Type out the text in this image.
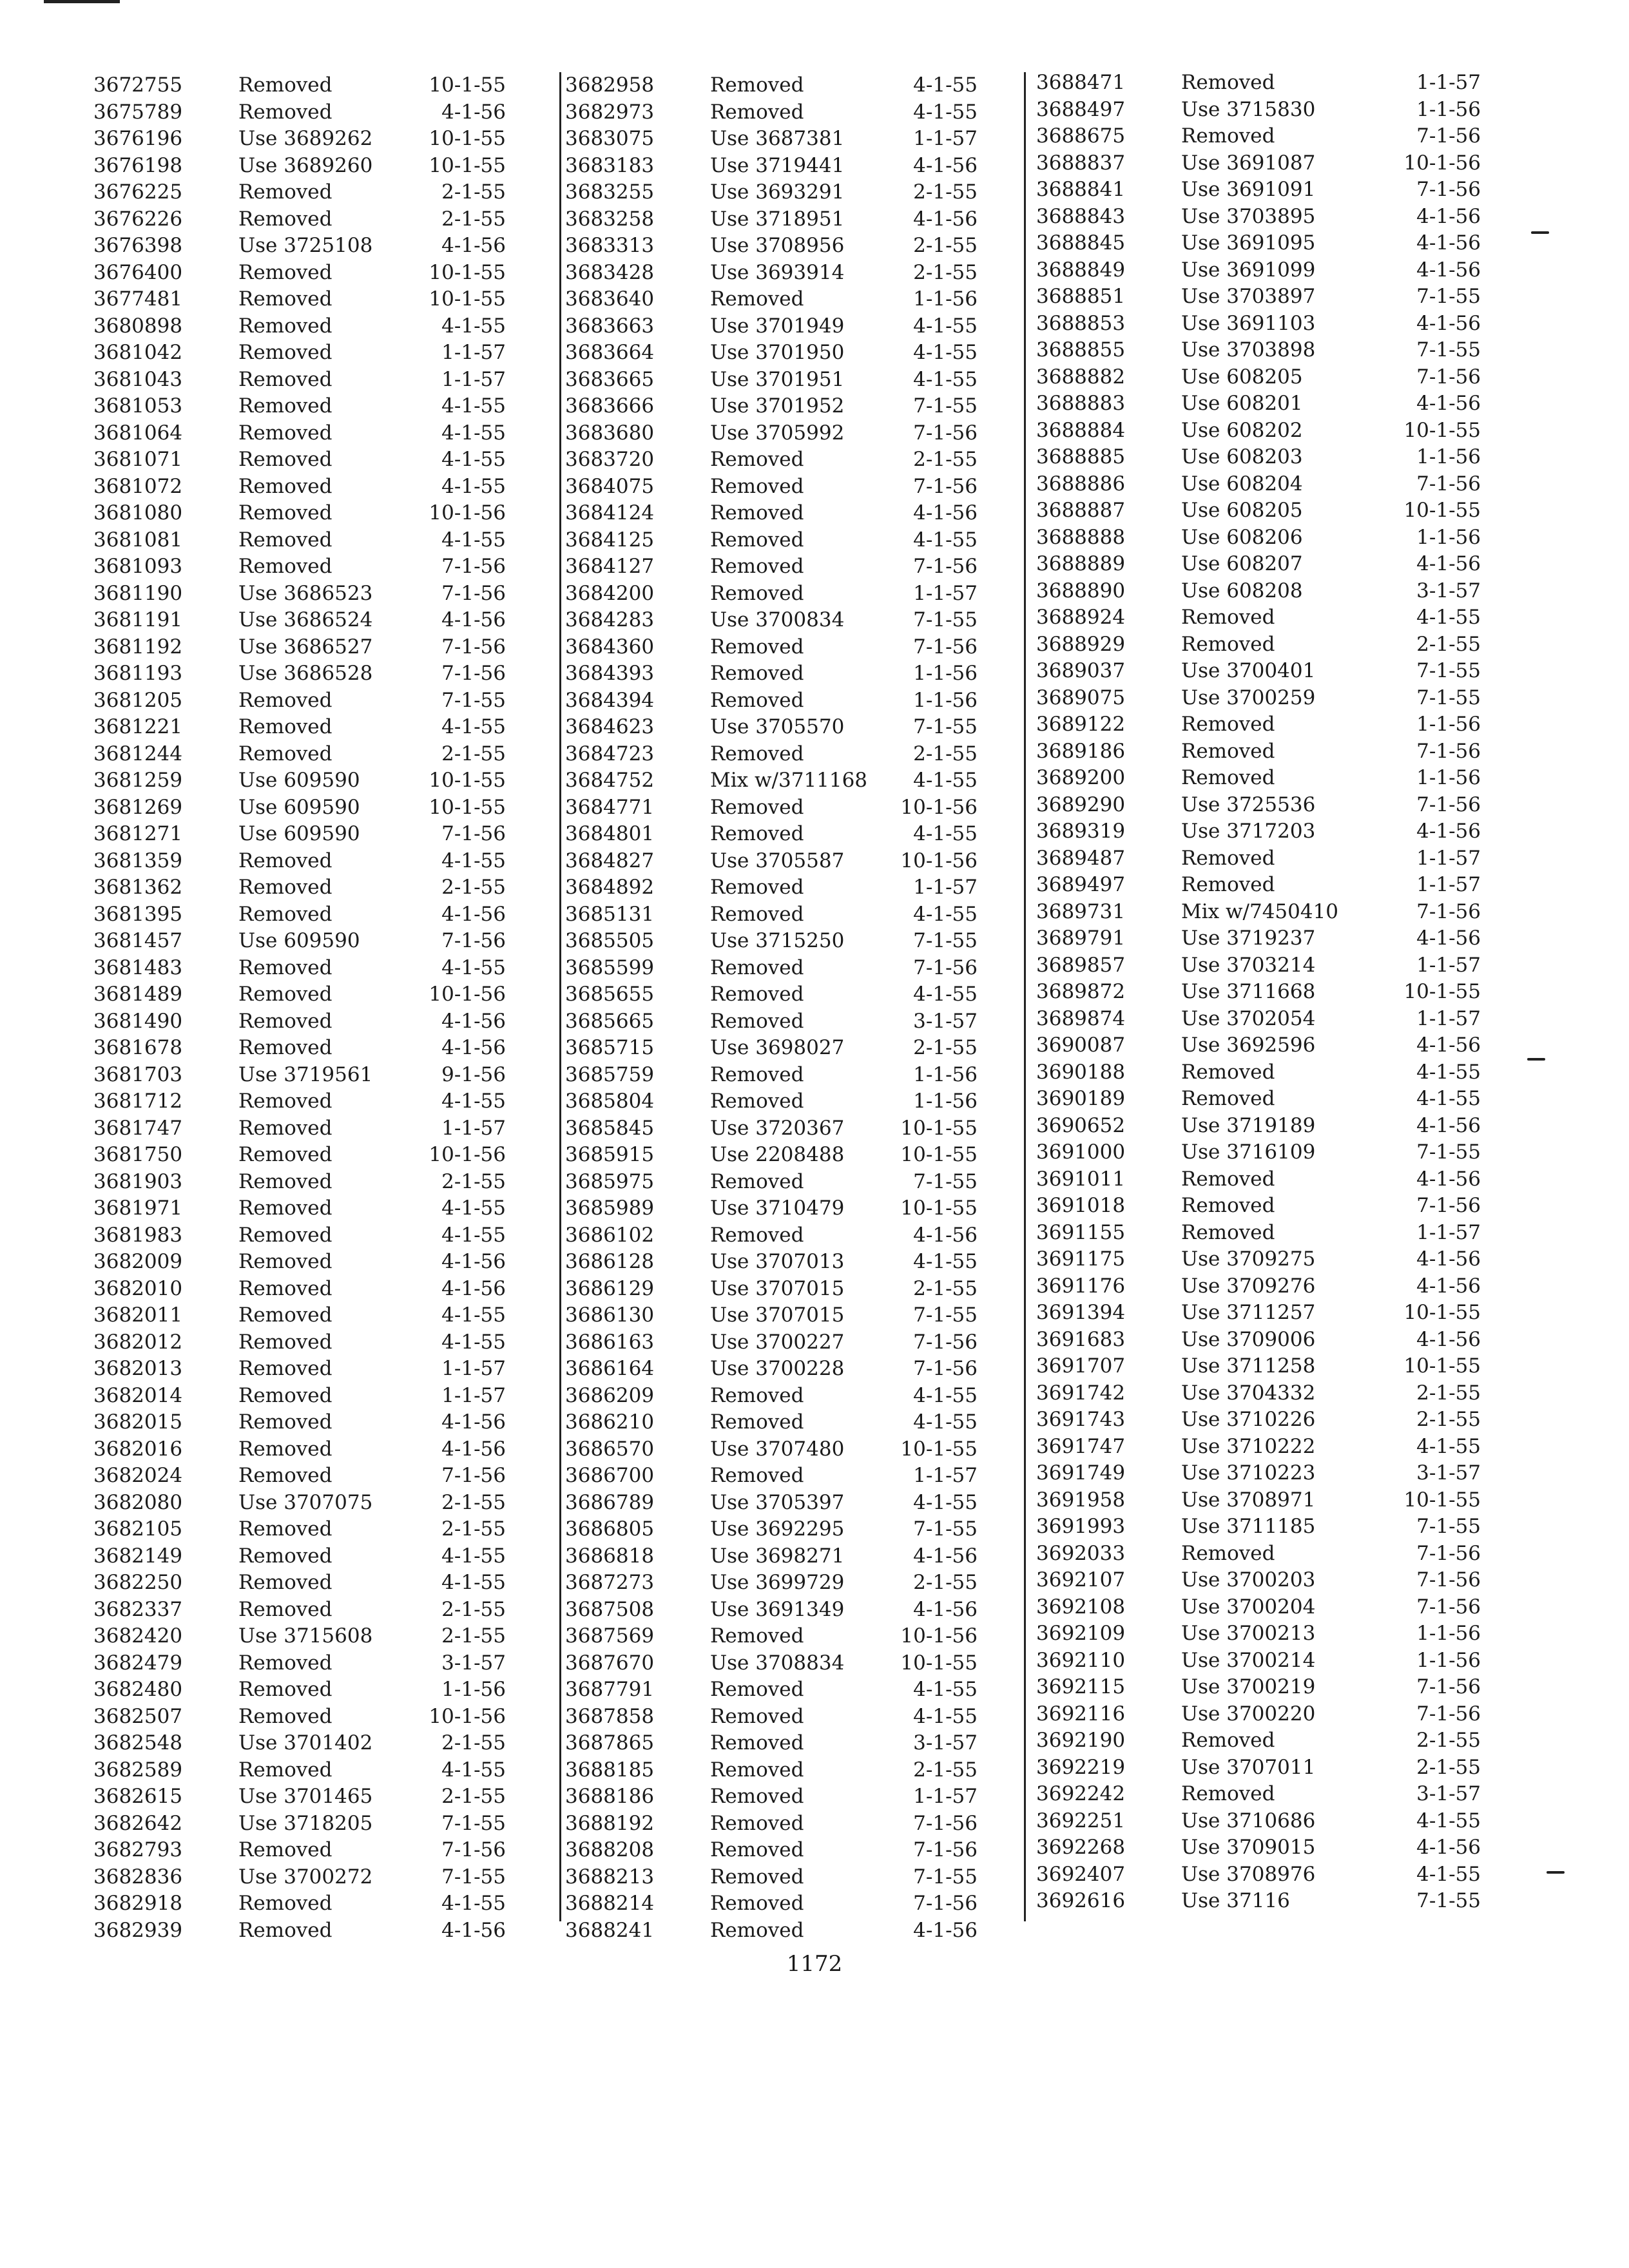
3672755	Removed	10-1-55
3675789	Removed	4-1-56
3676196	Use 3689262	10-1-55
3676198	Use 3689260	10-1-55
3676225	Removed	2-1-55
3676226	Removed	2-1-55
3676398	Use 3725108	4-1-56
3676400	Removed	10-1-55
3677481	Removed	10-1-55
3680898	Removed	4-1-55
3681042	Removed	1-1-57
3681043	Removed	1-1-57
3681053	Removed	4-1-55
3681064	Removed	4-1-55
3681071	Removed	4-1-55
3681072	Removed	4-1-55
3681080	Removed	10-1-56
3681081	Removed	4-1-55
3681093	Removed	7-1-56
3681190	Use 3686523	7-1-56
3681191	Use 3686524	4-1-56
3681192	Use 3686527	7-1-56
3681193	Use 3686528	7-1-56
3681205	Removed	7-1-55
3681221	Removed	4-1-55
3681244	Removed	2-1-55
3681259	Use 609590	10-1-55
3681269	Use 609590	10-1-55
3681271	Use 609590	7-1-56
3681359	Removed	4-1-55
3681362	Removed	2-1-55
3681395	Removed	4-1-56
3681457	Use 609590	7-1-56
3681483	Removed	4-1-55
3681489	Removed	10-1-56
3681490	Removed	4-1-56
3681678	Removed	4-1-56
3681703	Use 3719561	9-1-56
3681712	Removed	4-1-55
3681747	Removed	1-1-57
3681750	Removed	10-1-56
3681903	Removed	2-1-55
3681971	Removed	4-1-55
3681983	Removed	4-1-55
3682009	Removed	4-1-56
3682010	Removed	4-1-56
3682011	Removed	4-1-55
3682012	Removed	4-1-55
3682013	Removed	1-1-57
3682014	Removed	1-1-57
3682015	Removed	4-1-56
3682016	Removed	4-1-56
3682024	Removed	7-1-56
3682080	Use 3707075	2-1-55
3682105	Removed	2-1-55
3682149	Removed	4-1-55
3682250	Removed	4-1-55
3682337	Removed	2-1-55
3682420	Use 3715608	2-1-55
3682479	Removed	3-1-57
3682480	Removed	1-1-56
3682507	Removed	10-1-56
3682548	Use 3701402	2-1-55
3682589	Removed	4-1-55
3682615	Use 3701465	2-1-55
3682642	Use 3718205	7-1-55
3682793	Removed	7-1-56
3682836	Use 3700272	7-1-55
3682918	Removed	4-1-55
3682939	Removed	4-1-56
3682958	Removed	4-1-55
3682973	Removed	4-1-55
3683075	Use 3687381	1-1-57
3683183	Use 3719441	4-1-56
3683255	Use 3693291	2-1-55
3683258	Use 3718951	4-1-56
3683313	Use 3708956	2-1-55
3683428	Use 3693914	2-1-55
3683640	Removed	1-1-56
3683663	Use 3701949	4-1-55
3683664	Use 3701950	4-1-55
3683665	Use 3701951	4-1-55
3683666	Use 3701952	7-1-55
3683680	Use 3705992	7-1-56
3683720	Removed	2-1-55
3684075	Removed	7-1-56
3684124	Removed	4-1-56
3684125	Removed	4-1-55
3684127	Removed	7-1-56
3684200	Removed	1-1-57
3684283	Use 3700834	7-1-55
3684360	Removed	7-1-56
3684393	Removed	1-1-56
3684394	Removed	1-1-56
3684623	Use 3705570	7-1-55
3684723	Removed	2-1-55
3684752	Mix w/3711168 4-1-55
3684771	Removed	10-1-56
3684801	Removed	4-1-55
3684827	Use 3705587	10-1-56
3684892	Removed	1-1-57
3685131	Removed	4-1-55
3685505	Use 3715250	7-1-55
3685599	Removed	7-1-56
3685655	Removed	4-1-55
3685665	Removed	3-1-57
3685715	Use 3698027	2-1-55
3685759	Removed	1-1-56
3685804	Removed	1-1-56
3685845	Use 3720367	10-1-55
3685915	Use 2208488	10-1-55
3685975	Removed	7-1-55
3685989	Use 3710479	10-1-55
3686102	Removed	4-1-56
3686128	Use 3707013	4-1-55
3686129	Use 3707015	2-1-55
3686130	Use 3707015	7-1-55
3686163	Use 3700227	7-1-56
3686164	Use 3700228	7-1-56
3686209	Removed	4-1-55
3686210	Removed	4-1-55
3686570	Use 3707480	10-1-55
3686700	Removed	1-1-57
3686789	Use 3705397	4-1-55
3686805	Use 3692295	7-1-55
3686818	Use 3698271	4-1-56
3687273	Use 3699729	2-1-55
3687508	Use 3691349	4-1-56
3687569	Removed	10-1-56
3687670	Use 3708834	10-1-55
3687791	Removed	4-1-55
3687858	Removed	4-1-55
3687865	Removed	3-1-57
3688185	Removed	2-1-55
3688186	Removed	1-1-57
3688192	Removed	7-1-56
3688208	Removed	7-1-56
3688213	Removed	7-1-55
3688214	Removed	7-1-56
3688241	Removed	4-1-56
3688471	Removed	1-1-57
3688497	Use 3715830	1-1-56
3688675	Removed	7-1-56
3688837	Use 3691087	10-1-56
3688841	Use 3691091	7-1-56
3688843	Use 3703895	4-1-56
3688845	Use 3691095	4-1-56
3688849	Use 3691099	4-1-56
3688851	Use 3703897	7-1-55
3688853	Use 3691103	4-1-56
3688855	Use 3703898	7-1-55
3688882	Use 608205	7-1-56
3688883	Use 608201	4-1-56
3688884	Use 608202	10-1-55
3688885	Use 608203	1-1-56
3688886	Use 608204	7-1-56
3688887	Use 608205	10-1-55
3688888	Use 608206	1-1-56
3688889	Use 608207	4-1-56
3688890	Use 608208	3-1-57
3688924	Removed	4-1-55
3688929	Removed	2-1-55
3689037	Use 3700401	7-1-55
3689075	Use 3700259	7-1-55
3689122	Removed	1-1-56
3689186	Removed	7-1-56
3689200	Removed	1-1-56
3689290	Use 3725536	7-1-56
3689319	Use 3717203	4-1-56
3689487	Removed	1-1-57
3689497	Removed	1-1-57
3689731	Mix w/7450410	7-1-56
3689791	Use 3719237	4-1-56
3689857	Use 3703214	1-1-57
3689872	Use 3711668	10-1-55
3689874	Use 3702054	1-1-57
3690087	Use 3692596	4-1-56
3690188	Removed	4-1-55
3690189	Removed	4-1-55
3690652	Use 3719189	4-1-56
3691000	Use 3716109	7-1-55
3691011	Removed	4-1-56
3691018	Removed	7-1-56
3691155	Removed	1-1-57
3691175	Use 3709275	4-1-56
3691176	Use 3709276	4-1-56
3691394	Use 3711257	10-1-55
3691683	Use 3709006	4-1-56
3691707	Use 3711258	10-1-55
3691742	Use 3704332	2-1-55
3691743	Use 3710226	2-1-55
3691747	Use 3710222	4-1-55
3691749	Use 3710223	3-1-57
3691958	Use 3708971	10-1-55
3691993	Use 3711185	7-1-55
3692033	Removed	7-1-56
3692107	Use 3700203	7-1-56
3692108	Use 3700204	7-1-56
3692109	Use 3700213	1-1-56
3692110	Use 3700214	1-1-56
3692115	Use 3700219	7-1-56
3692116	Use 3700220	7-1-56
3692190	Removed	2-1-55
3692219	Use 3707011	2-1-55
3692242	Removed	3-1-57
3692251	Use 3710686	4-1-55
3692268	Use 3709015	4-1-56
3692407	Use 3708976	4-1-55
3692616	Use 37116	7-1-55
1172
